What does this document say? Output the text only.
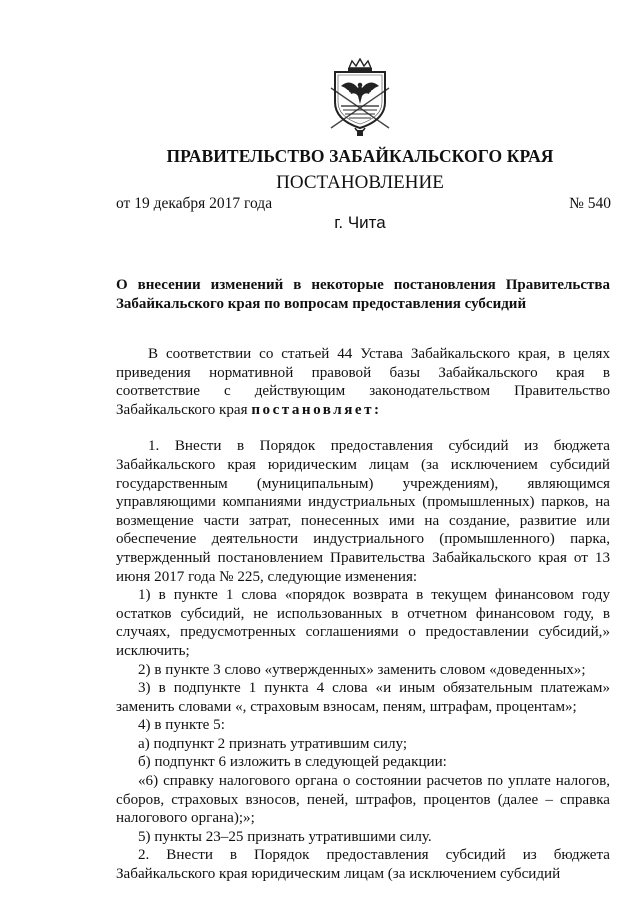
ПРАВИТЕЛЬСТВО ЗАБАЙКАЛЬСКОГО КРАЯ
ПОСТАНОВЛЕНИЕ
от 19 декабря 2017 года	№ 540
г. Чита
О внесении изменений в некоторые постановления Правительства Забайкальского края по вопросам предоставления субсидий

В соответствии со статьей 44 Устава Забайкальского края, в целях приведения нормативной правовой базы Забайкальского края в соответствие с действующим законодательством Правительство Забайкальского края постановляет:

1. Внести в Порядок предоставления субсидий из бюджета Забайкальского края юридическим лицам (за исключением субсидий государственным (муниципальным) учреждениям), являющимся управляющими компаниями индустриальных (промышленных) парков, на возмещение части затрат, понесенных ими на создание, развитие или обеспечение деятельности индустриального (промышленного) парка, утвержденный постановлением Правительства Забайкальского края от 13 июня 2017 года № 225, следующие изменения:

1) в пункте 1 слова «порядок возврата в текущем финансовом году остатков субсидий, не использованных в отчетном финансовом году, в случаях, предусмотренных соглашениями о предоставлении субсидий,» исключить;

2) в пункте 3 слово «утвержденных» заменить словом «доведенных»;

3) в подпункте 1 пункта 4 слова «и иным обязательным платежам» заменить словами «, страховым взносам, пеням, штрафам, процентам»;

4) в пункте 5:

а) подпункт 2 признать утратившим силу;

б) подпункт 6 изложить в следующей редакции:

«6) справку налогового органа о состоянии расчетов по уплате налогов, сборов, страховых взносов, пеней, штрафов, процентов (далее – справка налогового органа);»;

5) пункты 23–25 признать утратившими силу.

2. Внести в Порядок предоставления субсидий из бюджета Забайкальского края юридическим лицам (за исключением субсидий
